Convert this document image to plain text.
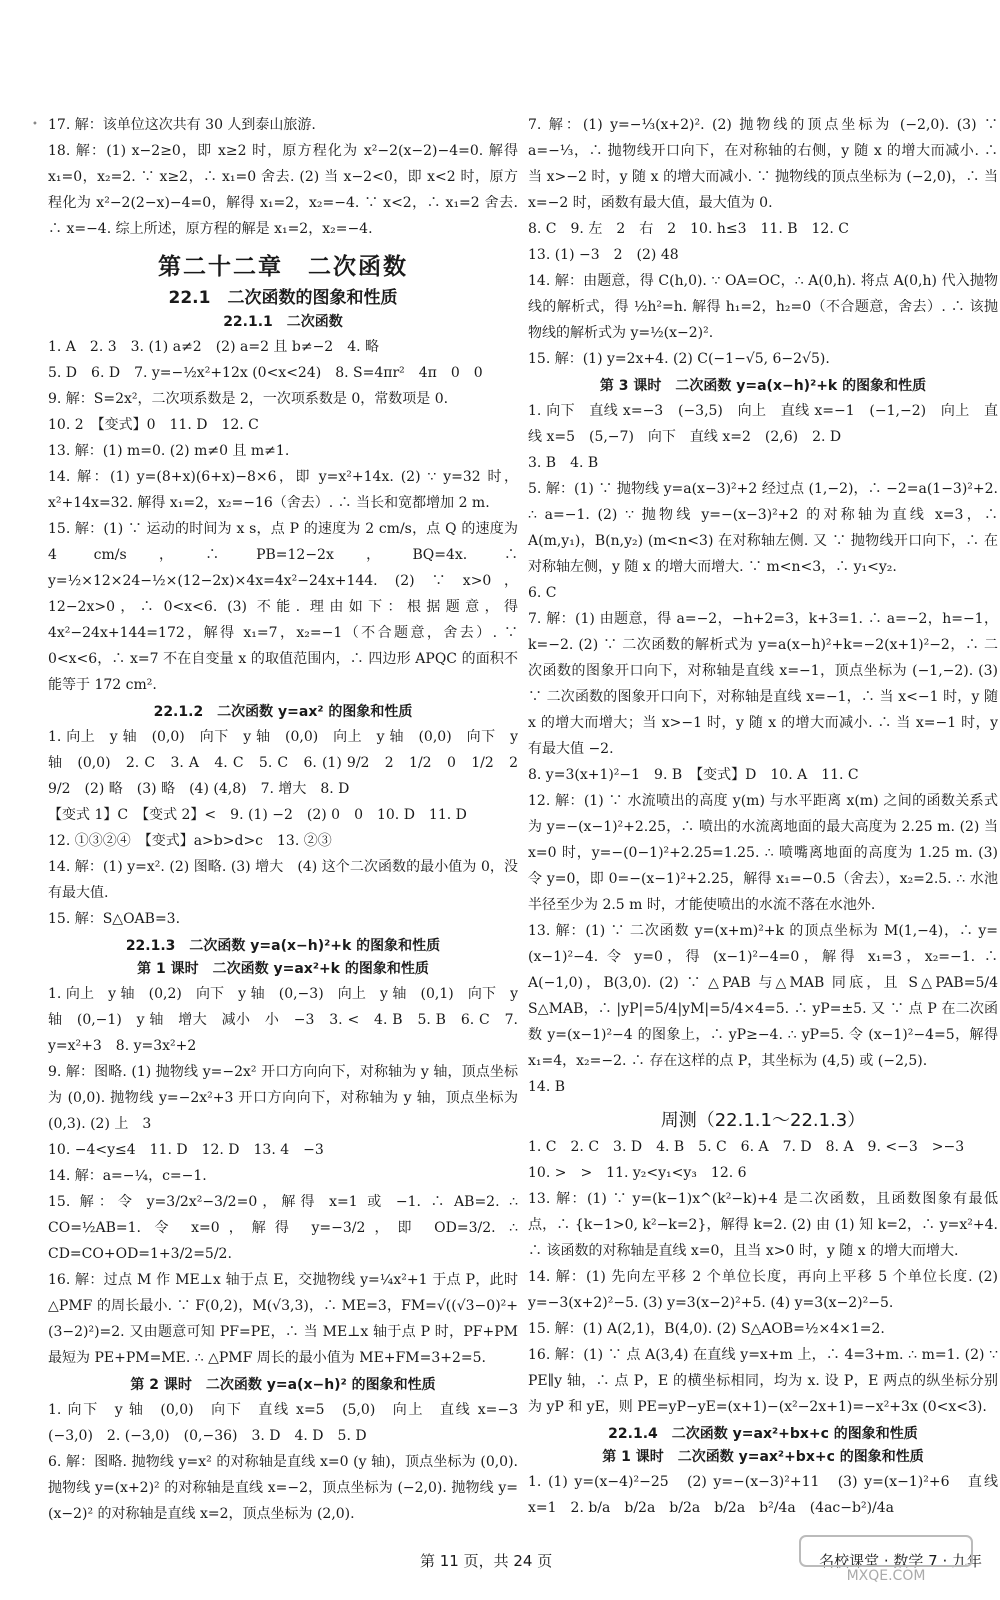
• 17. 解：该单位这次共有 30 人到泰山旅游.
18. 解：(1) x−2≥0，即 x≥2 时，原方程化为 x²−2(x−2)−4=0. 解得 x₁=0，x₂=2. ∵ x≥2，∴ x₁=0 舍去. (2) 当 x−2<0，即 x<2 时，原方程化为 x²−2(2−x)−4=0，解得 x₁=2，x₂=−4. ∵ x<2，∴ x₁=2 舍去. ∴ x=−4. 综上所述，原方程的解是 x₁=2，x₂=−4.
第二十二章　二次函数
22.1　二次函数的图象和性质
22.1.1　二次函数
1. A　2. 3　3. (1) a≠2　(2) a=2 且 b≠−2　4. 略
5. D　6. D　7. y=−½x²+12x (0<x<24)　8. S=4πr²　4π　0　0
9. 解：S=2x²，二次项系数是 2，一次项系数是 0，常数项是 0.
10. 2　【变式】0　11. D　12. C
13. 解：(1) m=0. (2) m≠0 且 m≠1.
14. 解：(1) y=(8+x)(6+x)−8×6，即 y=x²+14x. (2) ∵ y=32 时，x²+14x=32. 解得 x₁=2，x₂=−16（舍去）. ∴ 当长和宽都增加 2 m.
15. 解：(1) ∵ 运动的时间为 x s，点 P 的速度为 2 cm/s，点 Q 的速度为 4 cm/s，∴ PB=12−2x，BQ=4x. ∴ y=½×12×24−½×(12−2x)×4x=4x²−24x+144. (2) ∵ x>0，12−2x>0，∴ 0<x<6. (3) 不能. 理由如下：根据题意，得 4x²−24x+144=172，解得 x₁=7，x₂=−1（不合题意，舍去）. ∵ 0<x<6，∴ x=7 不在自变量 x 的取值范围内，∴ 四边形 APQC 的面积不能等于 172 cm².
22.1.2　二次函数 y=ax² 的图象和性质
1. 向上　y 轴　(0,0)　向下　y 轴　(0,0)　向上　y 轴　(0,0)　向下　y 轴　(0,0)　2. C　3. A　4. C　5. C　6. (1) 9/2　2　1/2　0　1/2　2　9/2　(2) 略　(3) 略　(4) (4,8)　7. 增大　8. D
【变式 1】C　【变式 2】<　9. (1) −2　(2) 0　0　10. D　11. D
12. ①③②④　【变式】a>b>d>c　13. ②③
14. 解：(1) y=x². (2) 图略. (3) 增大　(4) 这个二次函数的最小值为 0，没有最大值.
15. 解：S△OAB=3.
22.1.3　二次函数 y=a(x−h)²+k 的图象和性质
第 1 课时　二次函数 y=ax²+k 的图象和性质
1. 向上　y 轴　(0,2)　向下　y 轴　(0,−3)　向上　y 轴　(0,1)　向下　y 轴　(0,−1)　y 轴　增大　减小　小　−3　3. <　4. B　5. B　6. C　7. y=x²+3　8. y=3x²+2
9. 解：图略. (1) 抛物线 y=−2x² 开口方向向下，对称轴为 y 轴，顶点坐标为 (0,0). 抛物线 y=−2x²+3 开口方向向下，对称轴为 y 轴，顶点坐标为 (0,3). (2) 上　3
10. −4<y≤4　11. D　12. D　13. 4　−3
14. 解：a=−¼，c=−1.
15. 解：令 y=3/2x²−3/2=0，解得 x=1 或 −1. ∴ AB=2. ∴ CO=½AB=1. 令 x=0，解得 y=−3/2，即 OD=3/2. ∴ CD=CO+OD=1+3/2=5/2.
16. 解：过点 M 作 ME⊥x 轴于点 E，交抛物线 y=¼x²+1 于点 P，此时△PMF 的周长最小. ∵ F(0,2)，M(√3,3)，∴ ME=3，FM=√((√3−0)²+(3−2)²)=2. 又由题意可知 PF=PE，∴ 当 ME⊥x 轴于点 P 时，PF+PM 最短为 PE+PM=ME. ∴ △PMF 周长的最小值为 ME+FM=3+2=5.
第 2 课时　二次函数 y=a(x−h)² 的图象和性质
1. 向下　y 轴　(0,0)　向下　直线 x=5　(5,0)　向上　直线 x=−3　(−3,0)　2. (−3,0)　(0,−36)　3. D　4. D　5. D
6. 解：图略. 抛物线 y=x² 的对称轴是直线 x=0 (y 轴)，顶点坐标为 (0,0). 抛物线 y=(x+2)² 的对称轴是直线 x=−2，顶点坐标为 (−2,0). 抛物线 y=(x−2)² 的对称轴是直线 x=2，顶点坐标为 (2,0).
7. 解：(1) y=−⅓(x+2)². (2) 抛物线的顶点坐标为 (−2,0). (3) ∵ a=−⅓，∴ 抛物线开口向下，在对称轴的右侧，y 随 x 的增大而减小. ∴ 当 x>−2 时，y 随 x 的增大而减小. ∵ 抛物线的顶点坐标为 (−2,0)，∴ 当 x=−2 时，函数有最大值，最大值为 0.
8. C　9. 左　2　右　2　10. h≤3　11. B　12. C
13. (1) −3　2　(2) 48
14. 解：由题意，得 C(h,0). ∵ OA=OC，∴ A(0,h). 将点 A(0,h) 代入抛物线的解析式，得 ½h²=h. 解得 h₁=2，h₂=0（不合题意，舍去）. ∴ 该抛物线的解析式为 y=½(x−2)².
15. 解：(1) y=2x+4. (2) C(−1−√5, 6−2√5).
第 3 课时　二次函数 y=a(x−h)²+k 的图象和性质
1. 向下　直线 x=−3　(−3,5)　向上　直线 x=−1　(−1,−2)　向上　直线 x=5　(5,−7)　向下　直线 x=2　(2,6)　2. D
3. B　4. B
5. 解：(1) ∵ 抛物线 y=a(x−3)²+2 经过点 (1,−2)，∴ −2=a(1−3)²+2. ∴ a=−1. (2) ∵ 抛物线 y=−(x−3)²+2 的对称轴为直线 x=3，∴ A(m,y₁)，B(n,y₂) (m<n<3) 在对称轴左侧. 又 ∵ 抛物线开口向下，∴ 在对称轴左侧，y 随 x 的增大而增大. ∵ m<n<3，∴ y₁<y₂.
6. C
7. 解：(1) 由题意，得 a=−2，−h+2=3，k+3=1. ∴ a=−2，h=−1，k=−2. (2) ∵ 二次函数的解析式为 y=a(x−h)²+k=−2(x+1)²−2，∴ 二次函数的图象开口向下，对称轴是直线 x=−1，顶点坐标为 (−1,−2). (3) ∵ 二次函数的图象开口向下，对称轴是直线 x=−1，∴ 当 x<−1 时，y 随 x 的增大而增大；当 x>−1 时，y 随 x 的增大而减小. ∴ 当 x=−1 时，y 有最大值 −2.
8. y=3(x+1)²−1　9. B　【变式】D　10. A　11. C
12. 解：(1) ∵ 水流喷出的高度 y(m) 与水平距离 x(m) 之间的函数关系式为 y=−(x−1)²+2.25，∴ 喷出的水流离地面的最大高度为 2.25 m. (2) 当 x=0 时，y=−(0−1)²+2.25=1.25. ∴ 喷嘴离地面的高度为 1.25 m. (3) 令 y=0，即 0=−(x−1)²+2.25，解得 x₁=−0.5（舍去），x₂=2.5. ∴ 水池半径至少为 2.5 m 时，才能使喷出的水流不落在水池外.
13. 解：(1) ∵ 二次函数 y=(x+m)²+k 的顶点坐标为 M(1,−4)，∴ y=(x−1)²−4. 令 y=0，得 (x−1)²−4=0，解得 x₁=3，x₂=−1. ∴ A(−1,0)，B(3,0). (2) ∵ △PAB 与△MAB 同底，且 S△PAB=5/4 S△MAB，∴ |yP|=5/4|yM|=5/4×4=5. ∴ yP=±5. 又 ∵ 点 P 在二次函数 y=(x−1)²−4 的图象上，∴ yP≥−4. ∴ yP=5. 令 (x−1)²−4=5，解得 x₁=4，x₂=−2. ∴ 存在这样的点 P，其坐标为 (4,5) 或 (−2,5).
14. B
周测（22.1.1～22.1.3）
1. C　2. C　3. D　4. B　5. C　6. A　7. D　8. A　9. <−3　>−3
10. >　>　11. y₂<y₁<y₃　12. 6
13. 解：(1) ∵ y=(k−1)x^(k²−k)+4 是二次函数，且函数图象有最低点，∴ {k−1>0, k²−k=2}，解得 k=2. (2) 由 (1) 知 k=2，∴ y=x²+4. ∴ 该函数的对称轴是直线 x=0，且当 x>0 时，y 随 x 的增大而增大.
14. 解：(1) 先向左平移 2 个单位长度，再向上平移 5 个单位长度. (2) y=−3(x+2)²−5. (3) y=3(x−2)²+5. (4) y=3(x−2)²−5.
15. 解：(1) A(2,1)，B(4,0). (2) S△AOB=½×4×1=2.
16. 解：(1) ∵ 点 A(3,4) 在直线 y=x+m 上，∴ 4=3+m. ∴ m=1. (2) ∵ PE∥y 轴，∴ 点 P，E 的横坐标相同，均为 x. 设 P，E 两点的纵坐标分别为 yP 和 yE，则 PE=yP−yE=(x+1)−(x²−2x+1)=−x²+3x (0<x<3).
22.1.4　二次函数 y=ax²+bx+c 的图象和性质
第 1 课时　二次函数 y=ax²+bx+c 的图象和性质
1. (1) y=(x−4)²−25　(2) y=−(x−3)²+11　(3) y=(x−1)²+6　直线 x=1　2. b/a　b/2a　b/2a　b/2a　b²/4a　(4ac−b²)/4a
第 11 页，共 24 页	名校课堂 · 数学 7 · 九年
MXQE.COM
